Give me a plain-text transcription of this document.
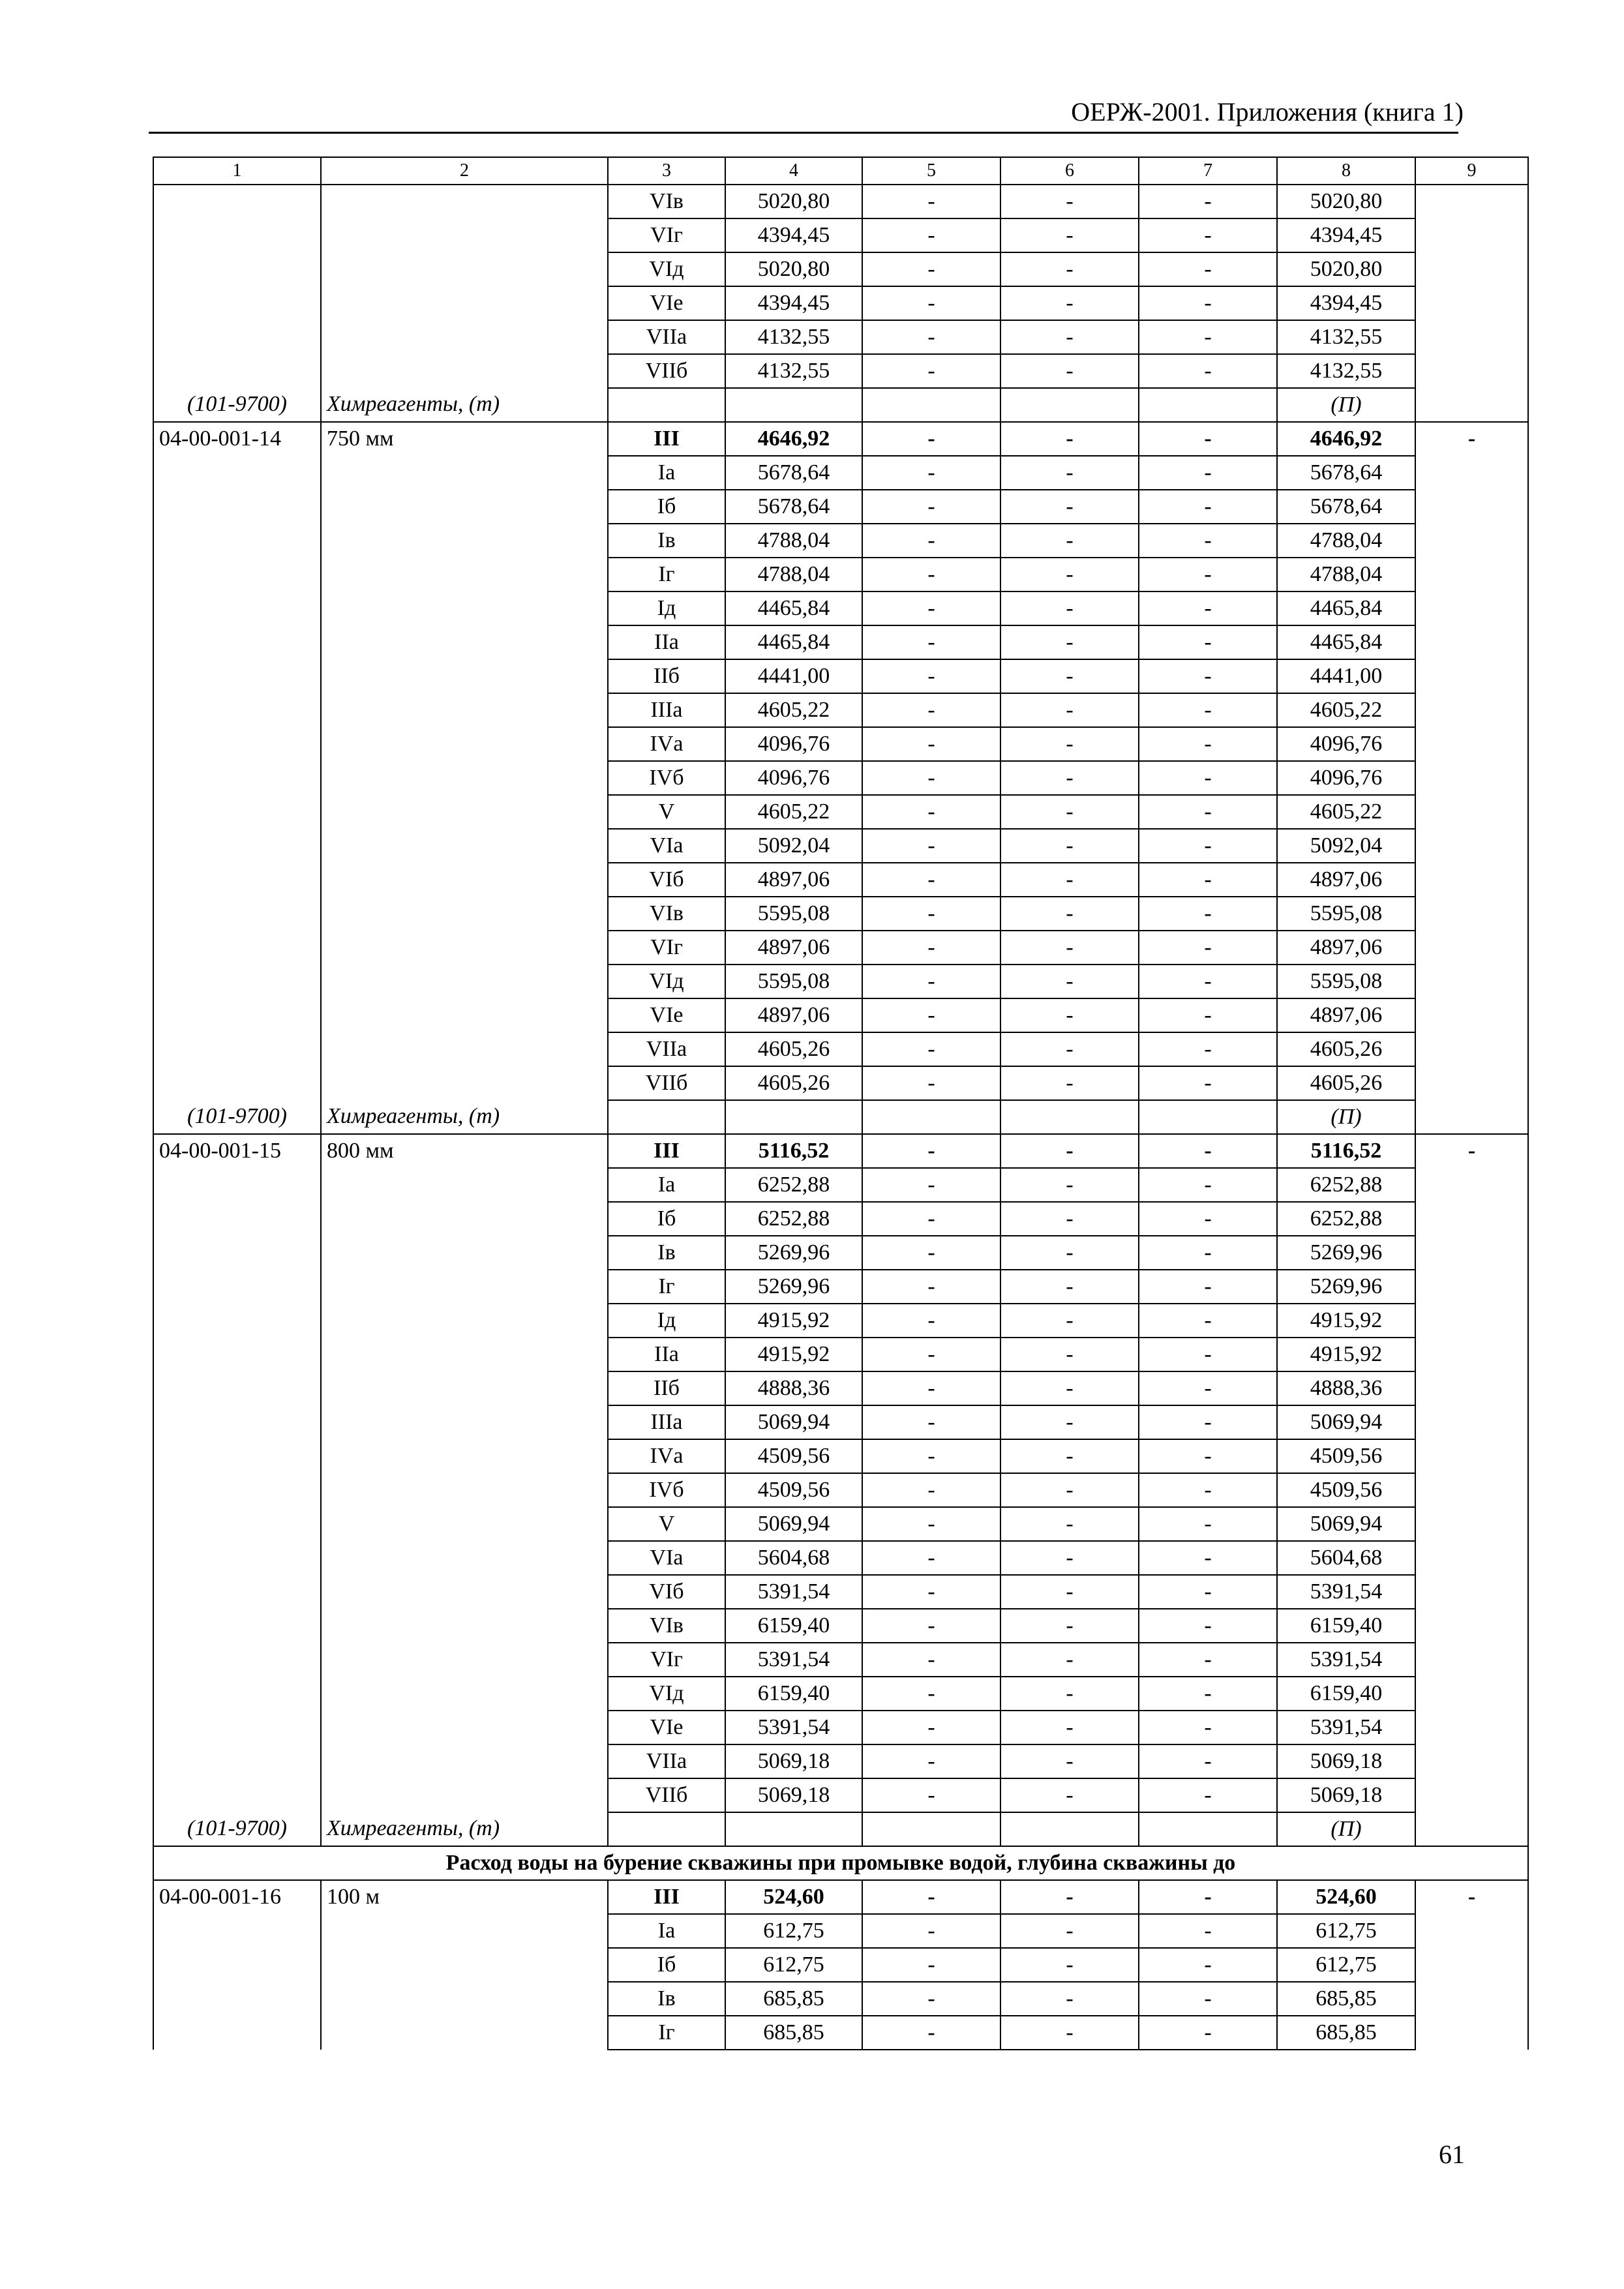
ОЕРЖ-2001. Приложения (книга 1)
1	2	3	4	5	6	7	8	9
		VIв	5020,80	-	-	-	5020,80	
		VIг	4394,45	-	-	-	4394,45	
		VIд	5020,80	-	-	-	5020,80	
		VIе	4394,45	-	-	-	4394,45	
		VIIа	4132,55	-	-	-	4132,55	
		VIIб	4132,55	-	-	-	4132,55	
(101-9700)	Химреагенты, (т)						(П)	
04-00-001-14	750 мм	III	4646,92	-	-	-	4646,92	-
		Iа	5678,64	-	-	-	5678,64	
		Iб	5678,64	-	-	-	5678,64	
		Iв	4788,04	-	-	-	4788,04	
		Iг	4788,04	-	-	-	4788,04	
		Iд	4465,84	-	-	-	4465,84	
		IIа	4465,84	-	-	-	4465,84	
		IIб	4441,00	-	-	-	4441,00	
		IIIа	4605,22	-	-	-	4605,22	
		IVа	4096,76	-	-	-	4096,76	
		IVб	4096,76	-	-	-	4096,76	
		V	4605,22	-	-	-	4605,22	
		VIа	5092,04	-	-	-	5092,04	
		VIб	4897,06	-	-	-	4897,06	
		VIв	5595,08	-	-	-	5595,08	
		VIг	4897,06	-	-	-	4897,06	
		VIд	5595,08	-	-	-	5595,08	
		VIе	4897,06	-	-	-	4897,06	
		VIIа	4605,26	-	-	-	4605,26	
		VIIб	4605,26	-	-	-	4605,26	
(101-9700)	Химреагенты, (т)						(П)	
04-00-001-15	800 мм	III	5116,52	-	-	-	5116,52	-
		Iа	6252,88	-	-	-	6252,88	
		Iб	6252,88	-	-	-	6252,88	
		Iв	5269,96	-	-	-	5269,96	
		Iг	5269,96	-	-	-	5269,96	
		Iд	4915,92	-	-	-	4915,92	
		IIа	4915,92	-	-	-	4915,92	
		IIб	4888,36	-	-	-	4888,36	
		IIIа	5069,94	-	-	-	5069,94	
		IVа	4509,56	-	-	-	4509,56	
		IVб	4509,56	-	-	-	4509,56	
		V	5069,94	-	-	-	5069,94	
		VIа	5604,68	-	-	-	5604,68	
		VIб	5391,54	-	-	-	5391,54	
		VIв	6159,40	-	-	-	6159,40	
		VIг	5391,54	-	-	-	5391,54	
		VIд	6159,40	-	-	-	6159,40	
		VIе	5391,54	-	-	-	5391,54	
		VIIа	5069,18	-	-	-	5069,18	
		VIIб	5069,18	-	-	-	5069,18	
(101-9700)	Химреагенты, (т)						(П)	
Расход воды на бурение скважины при промывке водой, глубина скважины до								
04-00-001-16	100 м	III	524,60	-	-	-	524,60	-
		Iа	612,75	-	-	-	612,75	
		Iб	612,75	-	-	-	612,75	
		Iв	685,85	-	-	-	685,85	
		Iг	685,85	-	-	-	685,85	
61
